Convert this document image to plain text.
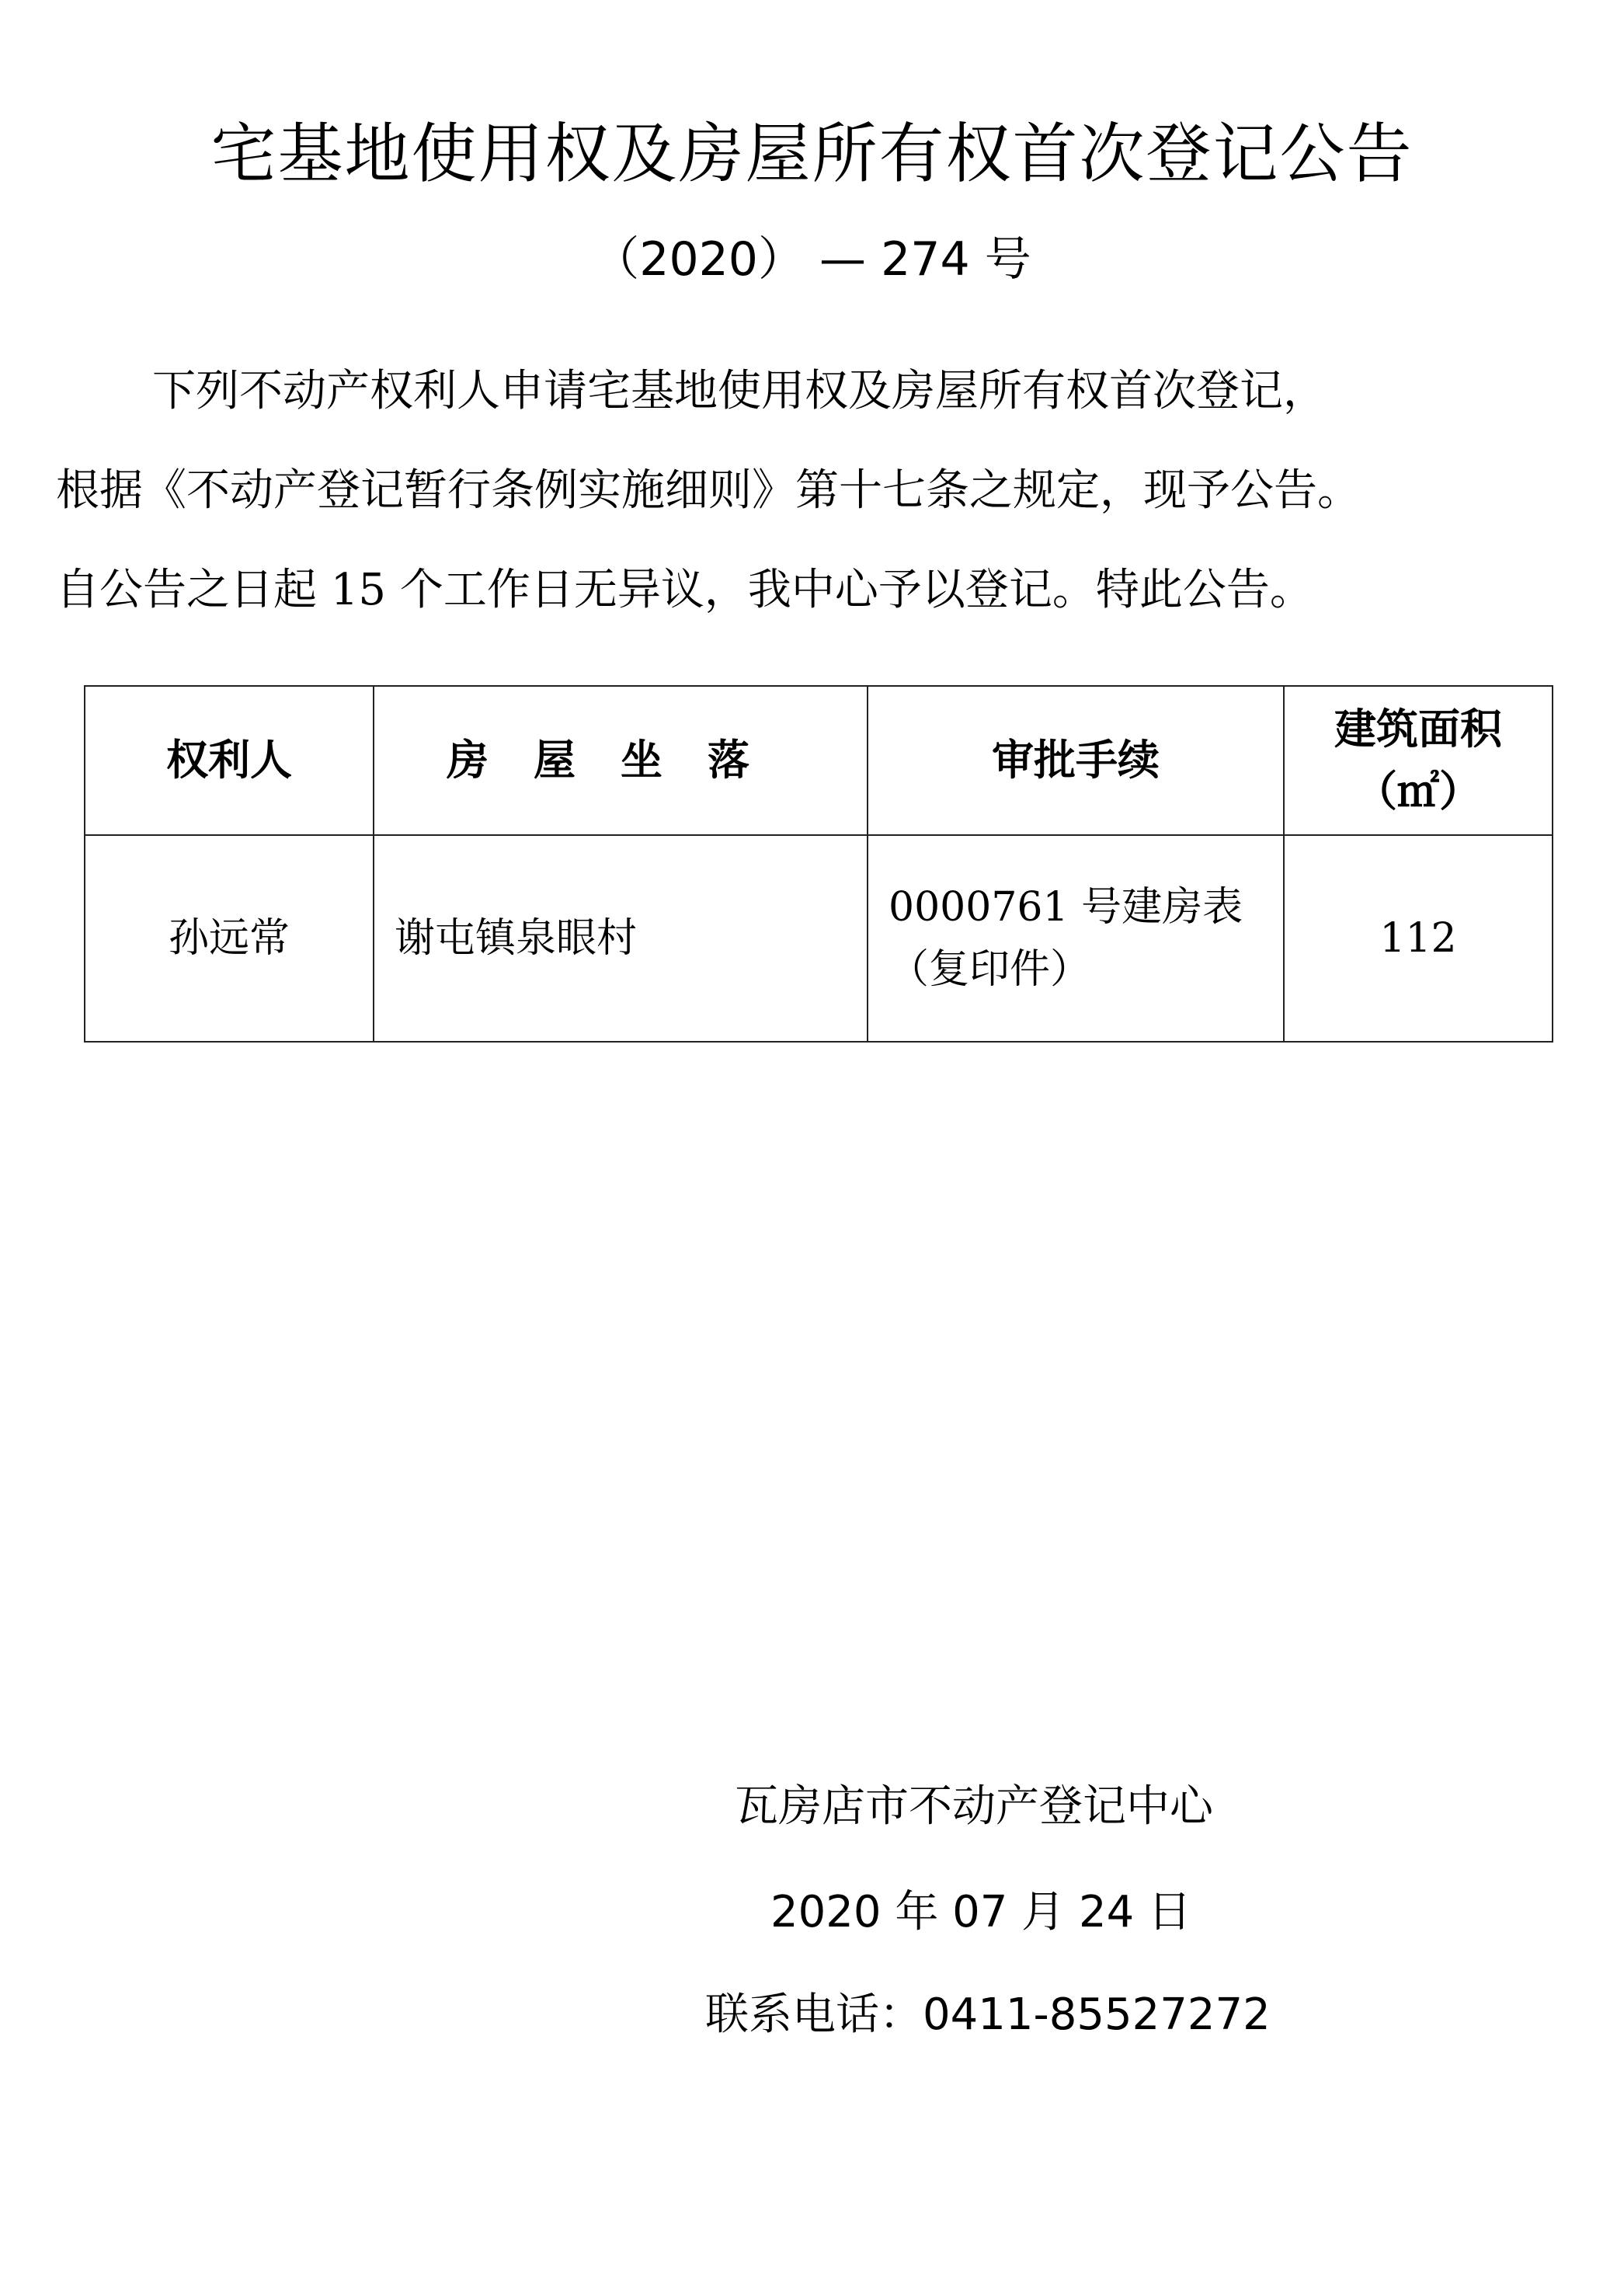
宅基地使用权及房屋所有权首次登记公告
（2020） — 274 号
下列不动产权利人申请宅基地使用权及房屋所有权首次登记，
根据《不动产登记暂行条例实施细则》第十七条之规定，现予公告。
自公告之日起 15 个工作日无异议，我中心予以登记。特此公告。
权利人	房屋坐落	审批手续	建筑面积
（㎡）

孙远常	谢屯镇泉眼村	0000761 号建房表
（复印件）	112
瓦房店市不动产登记中心
2020 年 07 月 24 日
联系电话：0411-85527272
